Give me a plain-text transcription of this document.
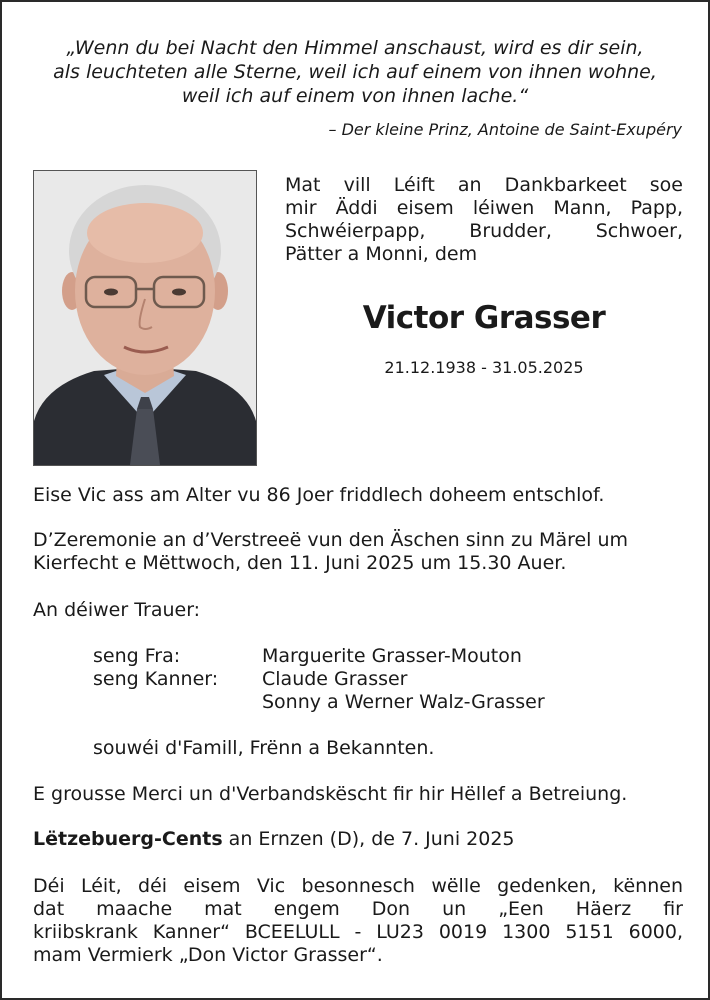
„Wenn du bei Nacht den Himmel anschaust, wird es dir sein,
als leuchteten alle Sterne, weil ich auf einem von ihnen wohne,
weil ich auf einem von ihnen lache.“
– Der kleine Prinz, Antoine de Saint-Exupéry
Mat vill Léift an Dankbarkeet soe
mir Äddi eisem léiwen Mann, Papp,
Schwéierpapp, Brudder, Schwoer,
Pätter a Monni, dem
Victor Grasser
21.12.1938 - 31.05.2025
Eise Vic ass am Alter vu 86 Joer friddlech doheem entschlof.
D’Zeremonie an d’Verstreeë vun den Äschen sinn zu Märel um
Kierfecht e Mëttwoch, den 11. Juni 2025 um 15.30 Auer.
An déiwer Trauer:
seng Fra:	Marguerite Grasser-Mouton
seng Kanner:	Claude Grasser
Sonny a Werner Walz-Grasser
souwéi d'Famill, Frënn a Bekannten.
E grousse Merci un d'Verbandskëscht fir hir Hëllef a Betreiung.
Lëtzebuerg-Cents an Ernzen (D), de 7. Juni 2025
Déi Léit, déi eisem Vic besonnesch wëlle gedenken, kënnen
dat maache mat engem Don un „Een Häerz fir
kriibskrank Kanner“ BCEELULL - LU23 0019 1300 5151 6000,
mam Vermierk „Don Victor Grasser“.
